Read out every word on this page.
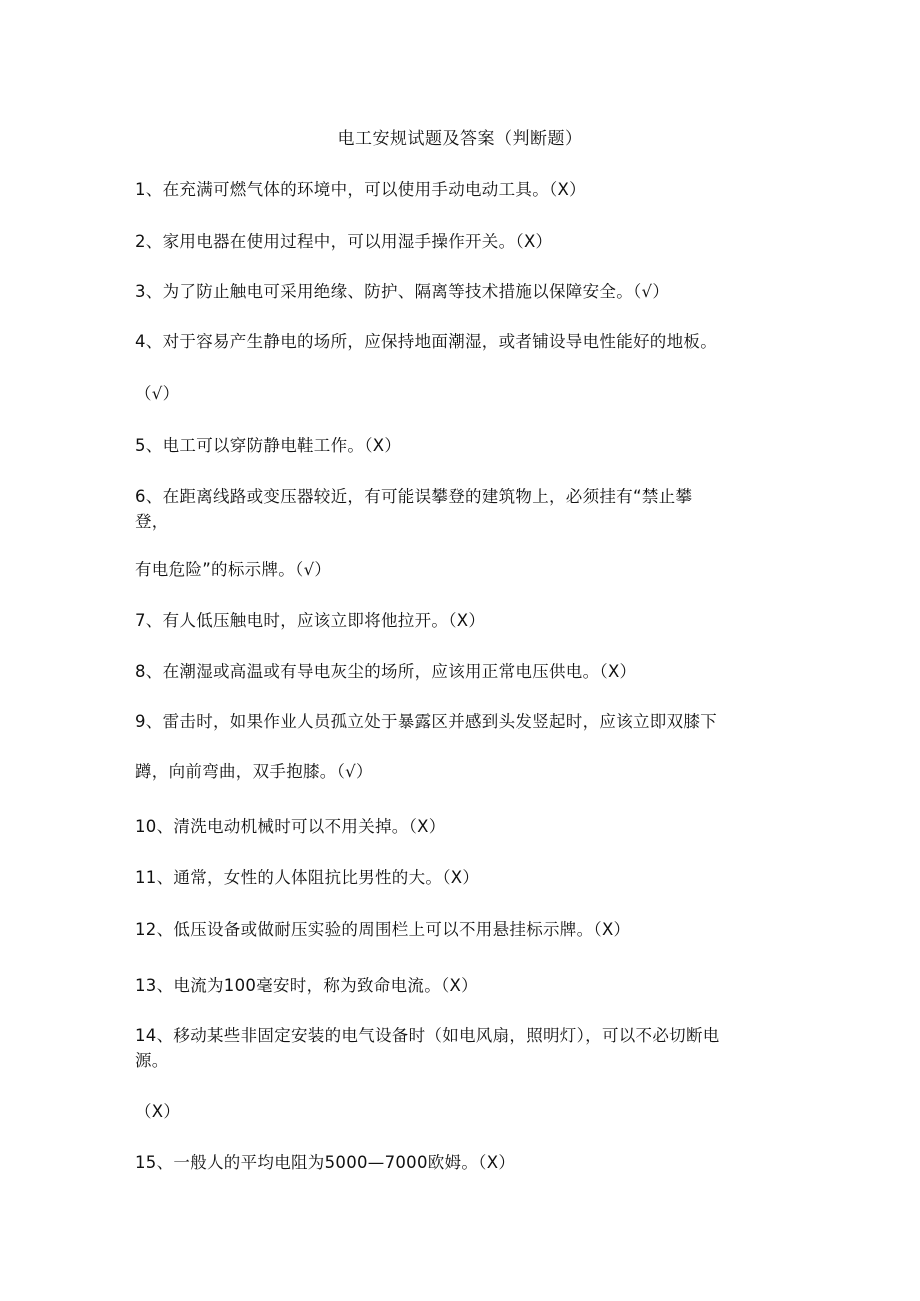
电工安规试题及答案（判断题）
1、在充满可燃气体的环境中，可以使用手动电动工具。（X）
2、家用电器在使用过程中，可以用湿手操作开关。（X）
3、为了防止触电可采用绝缘、防护、隔离等技术措施以保障安全。（√）
4、对于容易产生静电的场所，应保持地面潮湿，或者铺设导电性能好的地板。
（√）
5、电工可以穿防静电鞋工作。（X）
6、在距离线路或变压器较近，有可能误攀登的建筑物上，必须挂有“禁止攀
登，
有电危险”的标示牌。（√）
7、有人低压触电时，应该立即将他拉开。（X）
8、在潮湿或高温或有导电灰尘的场所，应该用正常电压供电。（X）
9、雷击时，如果作业人员孤立处于暴露区并感到头发竖起时，应该立即双膝下
蹲，向前弯曲，双手抱膝。（√）
10、清洗电动机械时可以不用关掉。（X）
11、通常，女性的人体阻抗比男性的大。（X）
12、低压设备或做耐压实验的周围栏上可以不用悬挂标示牌。（X）
13、电流为100毫安时，称为致命电流。（X）
14、移动某些非固定安装的电气设备时（如电风扇，照明灯），可以不必切断电
源。
（X）
15、一般人的平均电阻为5000—7000欧姆。（X）
